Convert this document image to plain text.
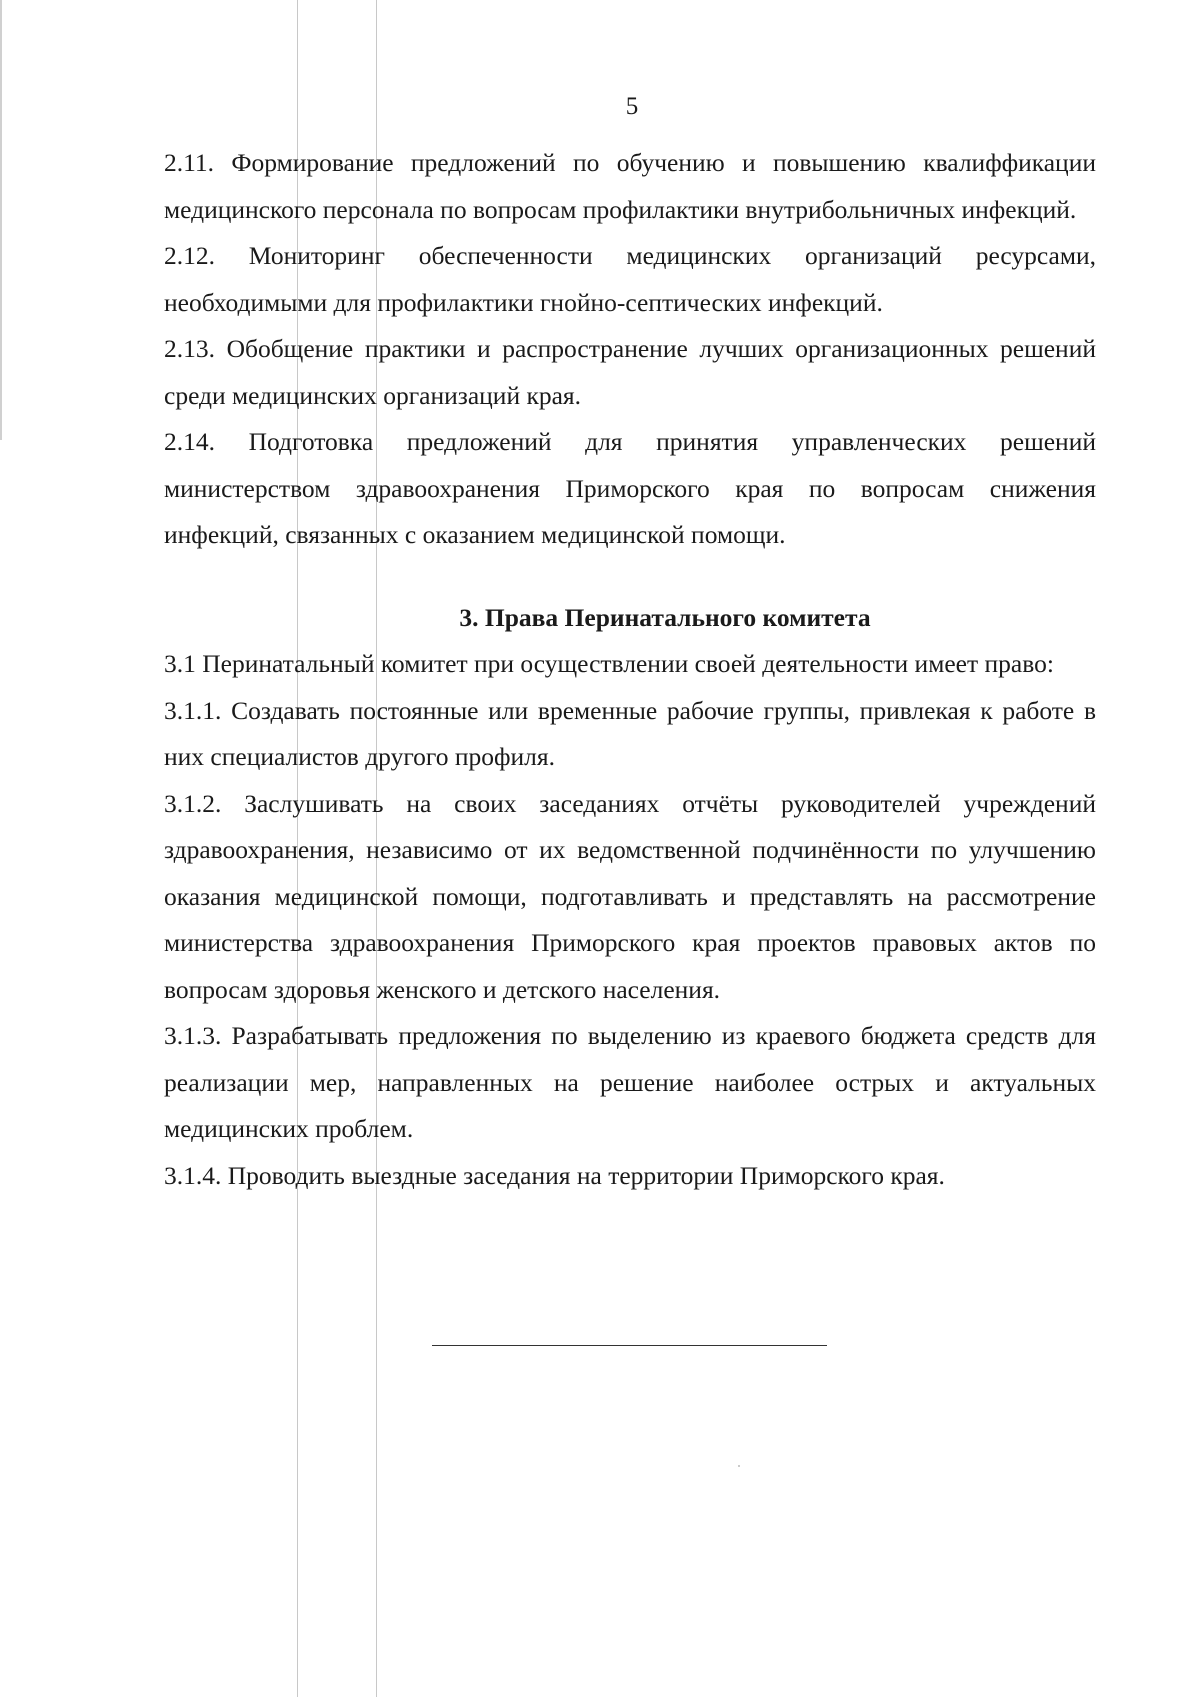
5

2.11. Формирование предложений по обучению и повышению квалиффикации медицинского персонала по вопросам профилактики внутрибольничных инфекций.

2.12. Мониторинг обеспеченности медицинских организаций ресурсами, необходимыми для профилактики гнойно-септических инфекций.

2.13. Обобщение практики и распространение лучших организационных решений среди медицинских организаций края.

2.14. Подготовка предложений для принятия управленческих решений министерством здравоохранения Приморского края по вопросам снижения инфекций, связанных с оказанием медицинской помощи.

3. Права Перинатального комитета

3.1 Перинатальный комитет при осуществлении своей деятельности имеет право:

3.1.1. Создавать постоянные или временные рабочие группы, привлекая к работе в них специалистов другого профиля.

3.1.2. Заслушивать на своих заседаниях отчёты руководителей учреждений здравоохранения, независимо от их ведомственной подчинённости по улучшению оказания медицинской помощи, подготавливать и представлять на рассмотрение министерства здравоохранения Приморского края проектов правовых актов по вопросам здоровья женского и детского населения.

3.1.3. Разрабатывать предложения по выделению из краевого бюджета средств для реализации мер, направленных на решение наиболее острых и актуальных медицинских проблем.

3.1.4. Проводить выездные заседания на территории Приморского края.
